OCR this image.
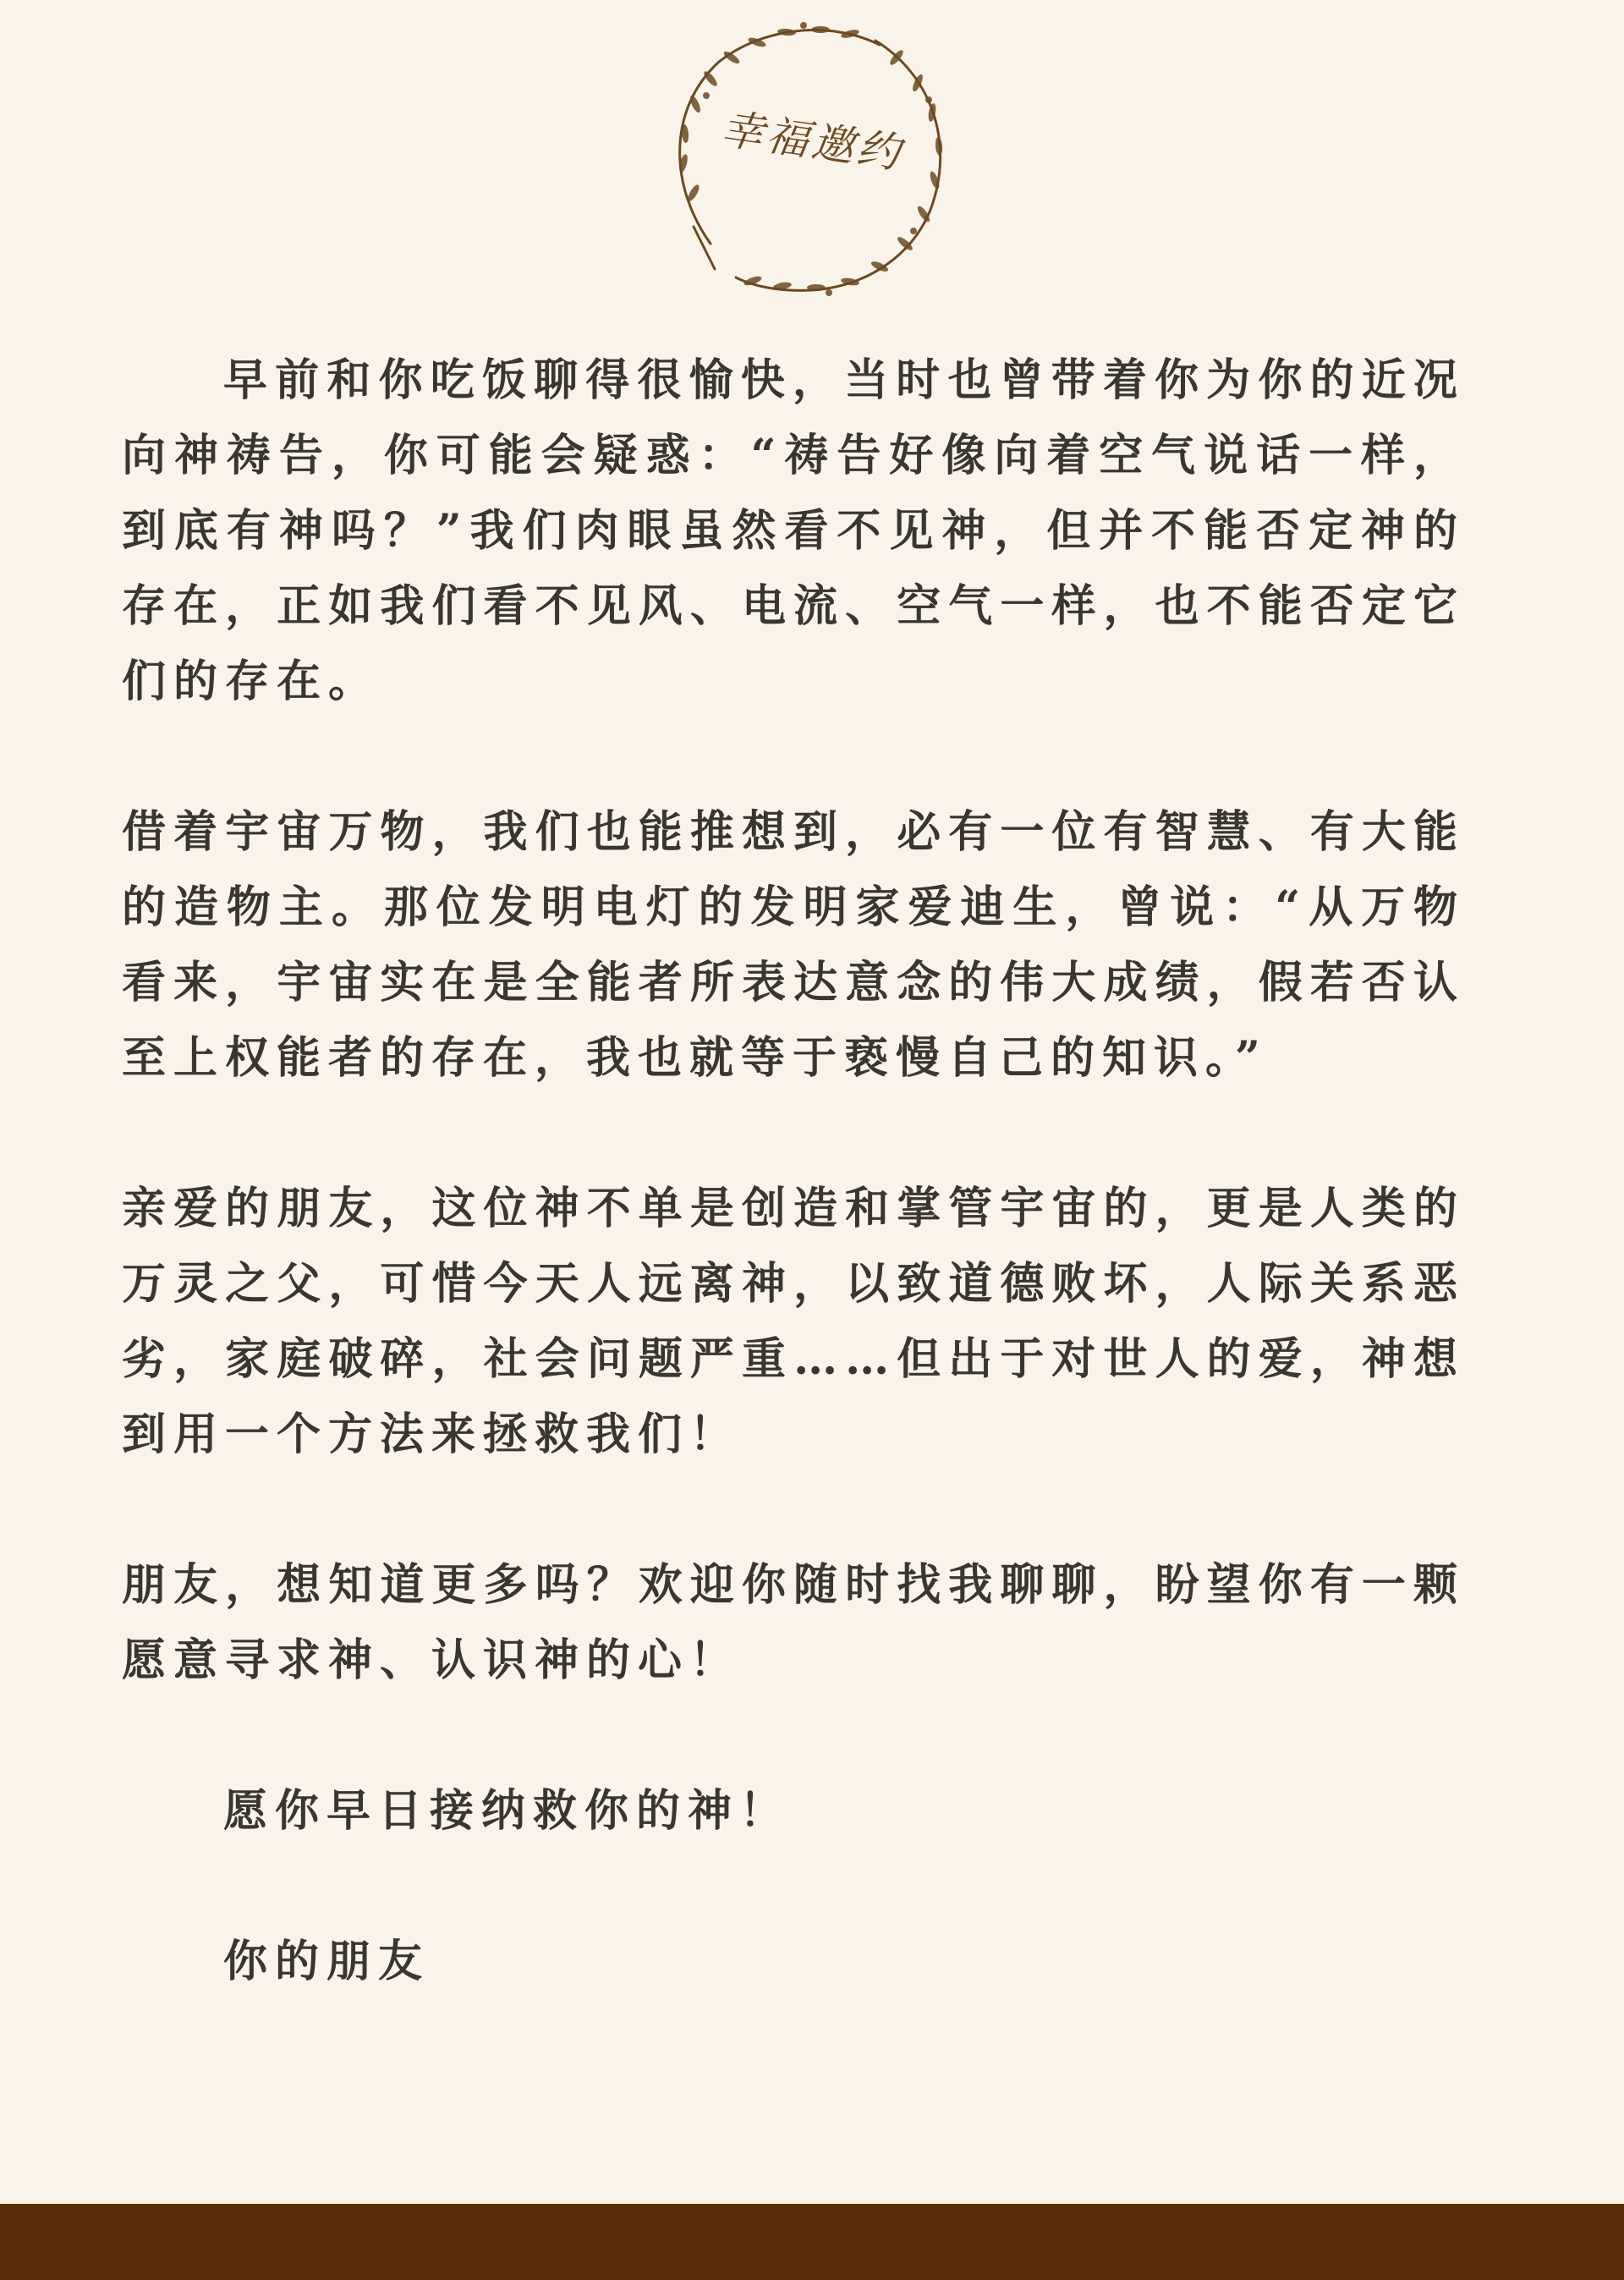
幸福邀约

早前和你吃饭聊得很愉快，当时也曾带着你为你的近况向神祷告，你可能会疑惑：“祷告好像向着空气说话一样，到底有神吗？”我们肉眼虽然看不见神，但并不能否定神的存在，正如我们看不见风、电流、空气一样，也不能否定它们的存在。

借着宇宙万物，我们也能推想到，必有一位有智慧、有大能的造物主。那位发明电灯的发明家爱迪生，曾说：“从万物看来，宇宙实在是全能者所表达意念的伟大成绩，假若否认至上权能者的存在，我也就等于亵慢自己的知识。”

亲爱的朋友，这位神不单是创造和掌管宇宙的，更是人类的万灵之父，可惜今天人远离神，以致道德败坏，人际关系恶劣，家庭破碎，社会问题严重……但出于对世人的爱，神想到用一个方法来拯救我们！

朋友，想知道更多吗？欢迎你随时找我聊聊，盼望你有一颗愿意寻求神、认识神的心！

愿你早日接纳救你的神！

你的朋友
